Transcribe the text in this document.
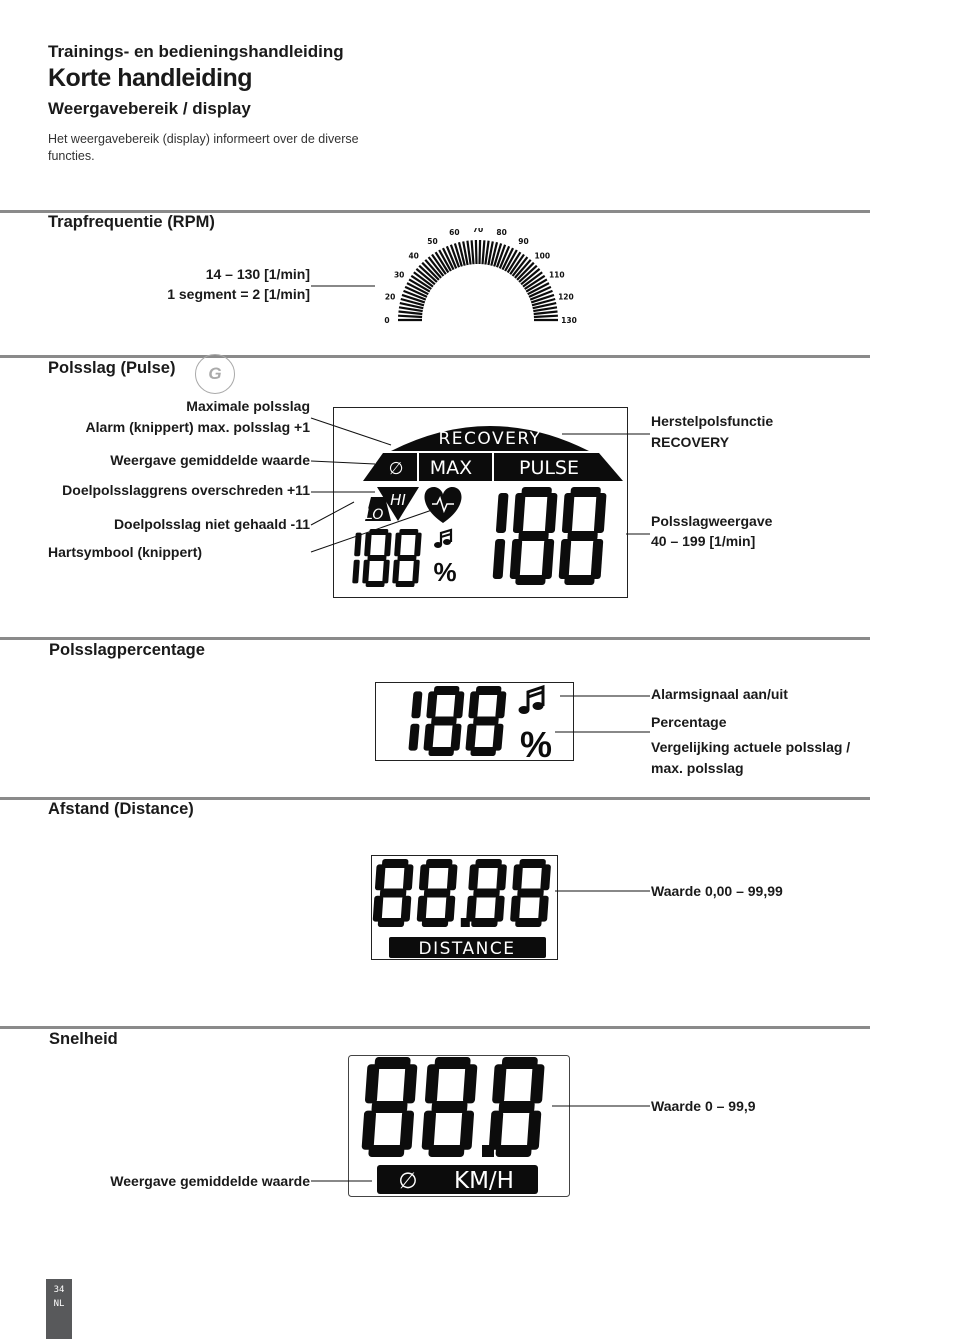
Trainings- en bedieningshandleiding
Korte handleiding
Weergavebereik / display
Het weergavebereik (display) informeert over de diverse functies.
Trapfrequentie (RPM)
14 – 130 [1/min]
1 segment = 2 [1/min]
0
20
30
40
50
60 70 80
90
100
110
120
130
Polsslag (Pulse)	G
Maximale polsslag
Alarm (knippert) max. polsslag +1
Weergave gemiddelde waarde
Doelpolsslaggrens overschreden +11
Doelpolsslag niet gehaald -11
Hartsymbool (knippert)
Herstelpolsfunctie
RECOVERY
Polsslagweergave
40 – 199 [1/min]
RECOVERY
∅ MAX PULSE
HI
LO
%
Polsslagpercentage
Alarmsignaal aan/uit
Percentage
Vergelijking actuele polsslag /
max. polsslag
%
Afstand (Distance)
Waarde 0,00 – 99,99
DISTANCE
Snelheid
Waarde 0 – 99,9
Weergave gemiddelde waarde	∅ KM/H
34
NL
